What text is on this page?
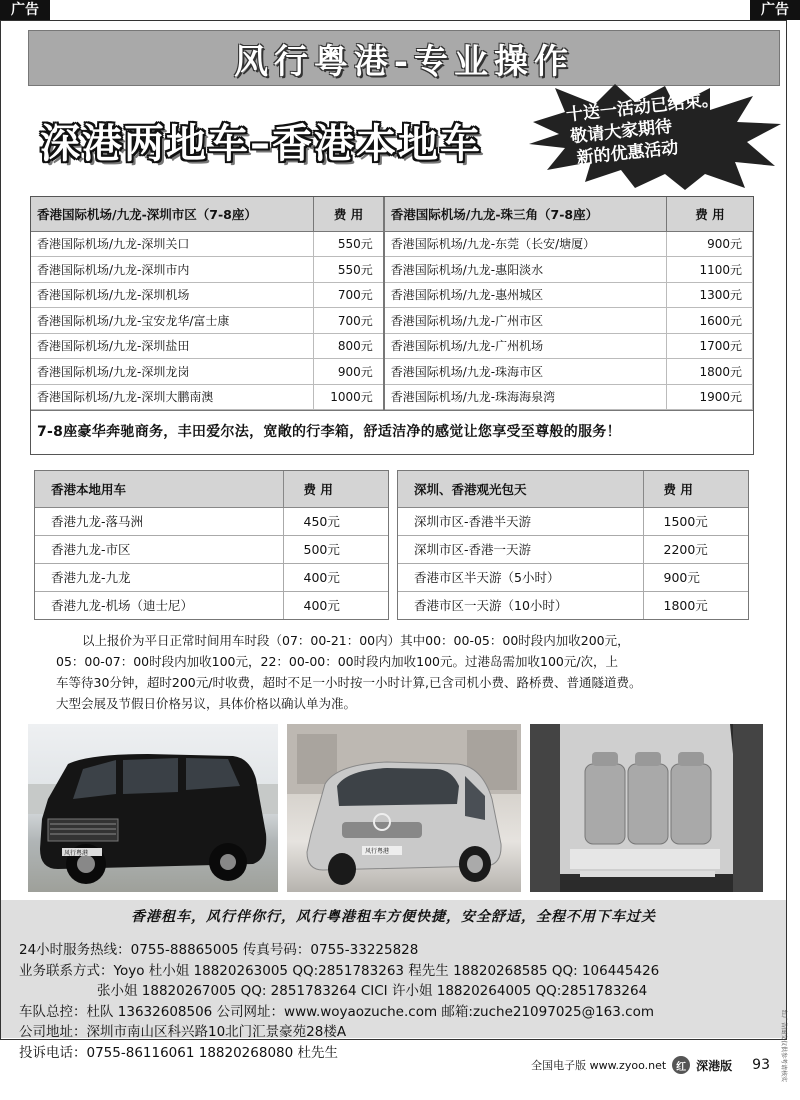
广告	广告
风行粤港-专业操作
深港两地车–香港本地车
十送一活动已结束。
敬请大家期待
新的优惠活动
香港国际机场/九龙-深圳市区（7-8座）	费 用	香港国际机场/九龙-珠三角（7-8座）	费 用
香港国际机场/九龙-深圳关口	550元	香港国际机场/九龙-东莞（长安/塘厦）	900元
香港国际机场/九龙-深圳市内	550元	香港国际机场/九龙-惠阳淡水	1100元
香港国际机场/九龙-深圳机场	700元	香港国际机场/九龙-惠州城区	1300元
香港国际机场/九龙-宝安龙华/富士康	700元	香港国际机场/九龙-广州市区	1600元
香港国际机场/九龙-深圳盐田	800元	香港国际机场/九龙-广州机场	1700元
香港国际机场/九龙-深圳龙岗	900元	香港国际机场/九龙-珠海市区	1800元
香港国际机场/九龙-深圳大鹏南澳	1000元	香港国际机场/九龙-珠海海泉湾	1900元
7-8座豪华奔驰商务，丰田爱尔法，宽敞的行李箱，舒适洁净的感觉让您享受至尊般的服务！
香港本地用车	费 用
香港九龙-落马洲	450元
香港九龙-市区	500元
香港九龙-九龙	400元
香港九龙-机场（迪士尼）	400元
深圳、香港观光包天	费 用
深圳市区-香港半天游	1500元
深圳市区-香港一天游	2200元
香港市区半天游（5小时）	900元
香港市区一天游（10小时）	1800元

以上报价为平日正常时间用车时段（07：00-21：00内）其中00：00-05：00时段内加收200元，

05：00-07：00时段内加收100元，22：00-00：00时段内加收100元。过港岛需加收100元/次，上

车等待30分钟，超时200元/时收费，超时不足一小时按一小时计算,已含司机小费、路桥费、普通隧道费。

大型会展及节假日价格另议，具体价格以确认单为准。

风行粤港	风行粤港
香港租车，风行伴你行，风行粤港租车方便快捷，安全舒适，全程不用下车过关

24小时服务热线：0755-88865005 传真号码：0755-33225828

业务联系方式：Yoyo 杜小姐 18820263005 QQ:2851783263 程先生 18820268585 QQ: 106445426

张小姐 18820267005 QQ: 2851783264 CICI 许小姐 18820264005 QQ:2851783264

车队总控：杜队 13632608506 公司网址：www.woyaozuche.com 邮箱:zuche21097025@163.com

公司地址：深圳市南山区科兴路10北门汇景豪苑28楼A

投诉电话：0755-86116061 18820268080 杜先生	红广告图文仅供参考请核实
全国电子版 www.zyoo.net	红 深港版 93
